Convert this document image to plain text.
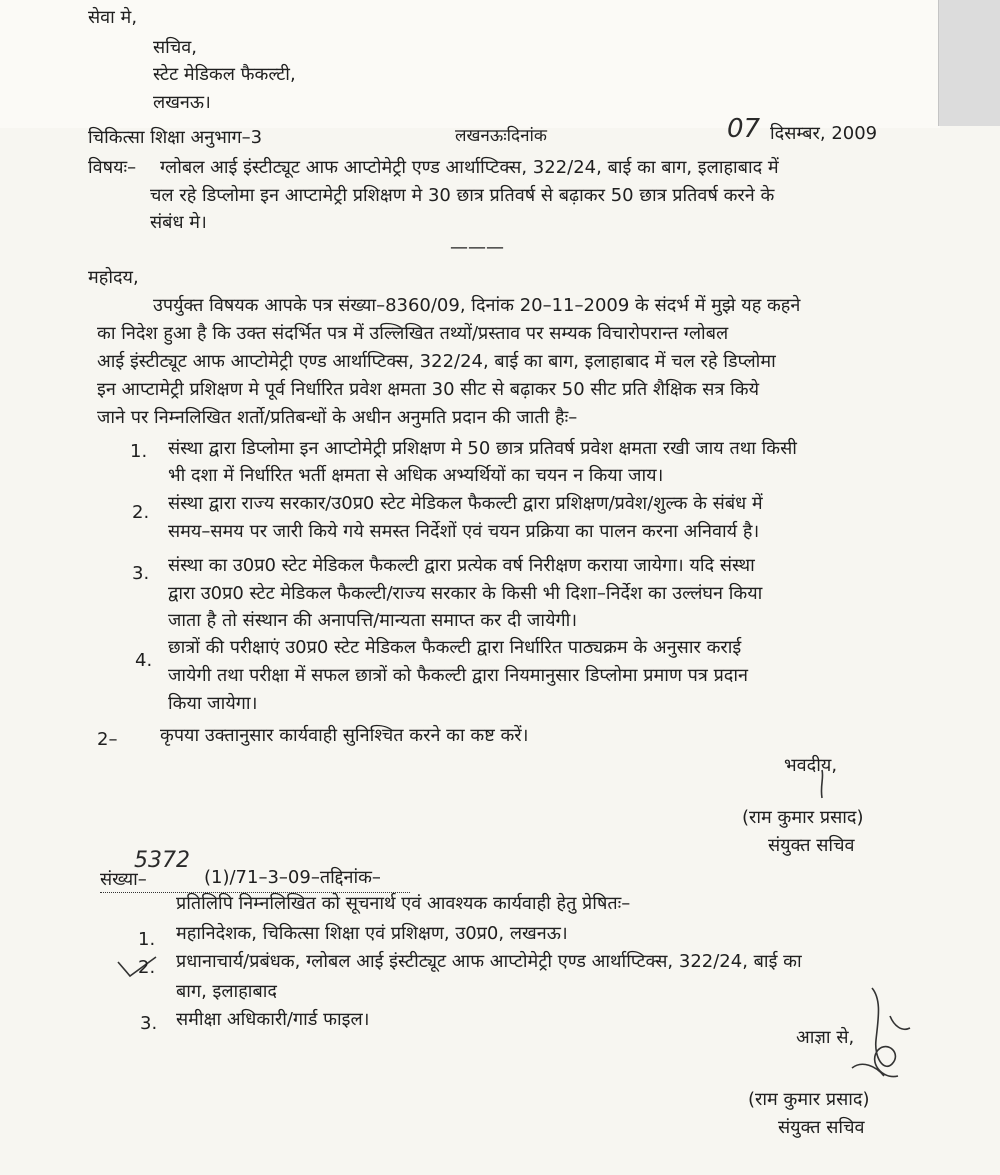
सेवा मे,
सचिव,
स्टेट मेडिकल फैकल्टी,
लखनऊ।
चिकित्सा शिक्षा अनुभाग–3	लखनऊःदिनांक	07 दिसम्बर, 2009
विषयः– ग्लोबल आई इंस्टीट्यूट आफ आप्टोमेट्री एण्ड आर्थाप्टिक्स, 322/24, बाई का बाग, इलाहाबाद में
चल रहे डिप्लोमा इन आप्टामेट्री प्रशिक्षण मे 30 छात्र प्रतिवर्ष से बढ़ाकर 50 छात्र प्रतिवर्ष करने के
संबंध मे।
———
महोदय,
उपर्युक्त विषयक आपके पत्र संख्या–8360/09, दिनांक 20–11–2009 के संदर्भ में मुझे यह कहने
का निदेश हुआ है कि उक्त संदर्भित पत्र में उल्लिखित तथ्यों/प्रस्ताव पर सम्यक विचारोपरान्त ग्लोबल
आई इंस्टीट्यूट आफ आप्टोमेट्री एण्ड आर्थाप्टिक्स, 322/24, बाई का बाग, इलाहाबाद में चल रहे डिप्लोमा
इन आप्टामेट्री प्रशिक्षण मे पूर्व निर्धारित प्रवेश क्षमता 30 सीट से बढ़ाकर 50 सीट प्रति शैक्षिक सत्र किये
जाने पर निम्नलिखित शर्तो/प्रतिबन्धों के अधीन अनुमति प्रदान की जाती हैः–
1. संस्था द्वारा डिप्लोमा इन आप्टोमेट्री प्रशिक्षण मे 50 छात्र प्रतिवर्ष प्रवेश क्षमता रखी जाय तथा किसी
भी दशा में निर्धारित भर्ती क्षमता से अधिक अभ्यर्थियों का चयन न किया जाय।
2. संस्था द्वारा राज्य सरकार/उ0प्र0 स्टेट मेडिकल फैकल्टी द्वारा प्रशिक्षण/प्रवेश/शुल्क के संबंध में
समय–समय पर जारी किये गये समस्त निर्देशों एवं चयन प्रक्रिया का पालन करना अनिवार्य है।
3. संस्था का उ0प्र0 स्टेट मेडिकल फैकल्टी द्वारा प्रत्येक वर्ष निरीक्षण कराया जायेगा। यदि संस्था
द्वारा उ0प्र0 स्टेट मेडिकल फैकल्टी/राज्य सरकार के किसी भी दिशा–निर्देश का उल्लंघन किया
जाता है तो संस्थान की अनापत्ति/मान्यता समाप्त कर दी जायेगी।
4.
छात्रों की परीक्षाएं उ0प्र0 स्टेट मेडिकल फैकल्टी द्वारा निर्धारित पाठ्यक्रम के अनुसार कराई
जायेगी तथा परीक्षा में सफल छात्रों को फैकल्टी द्वारा नियमानुसार डिप्लोमा प्रमाण पत्र प्रदान
किया जायेगा।
2– कृपया उक्तानुसार कार्यवाही सुनिश्चित करने का कष्ट करें।
भवदीय,
(राम कुमार प्रसाद)
संयुक्त सचिव
5372
संख्या–	(1)/71–3–09–तद्दिनांक–
प्रतिलिपि निम्नलिखित को सूचनार्थ एवं आवश्यक कार्यवाही हेतु प्रेषितः–
1. महानिदेशक, चिकित्सा शिक्षा एवं प्रशिक्षण, उ0प्र0, लखनऊ।
2. प्रधानाचार्य/प्रबंधक, ग्लोबल आई इंस्टीट्यूट आफ आप्टोमेट्री एण्ड आर्थाप्टिक्स, 322/24, बाई का
बाग, इलाहाबाद
3. समीक्षा अधिकारी/गार्ड फाइल।
आज्ञा से,
(राम कुमार प्रसाद)
संयुक्त सचिव
